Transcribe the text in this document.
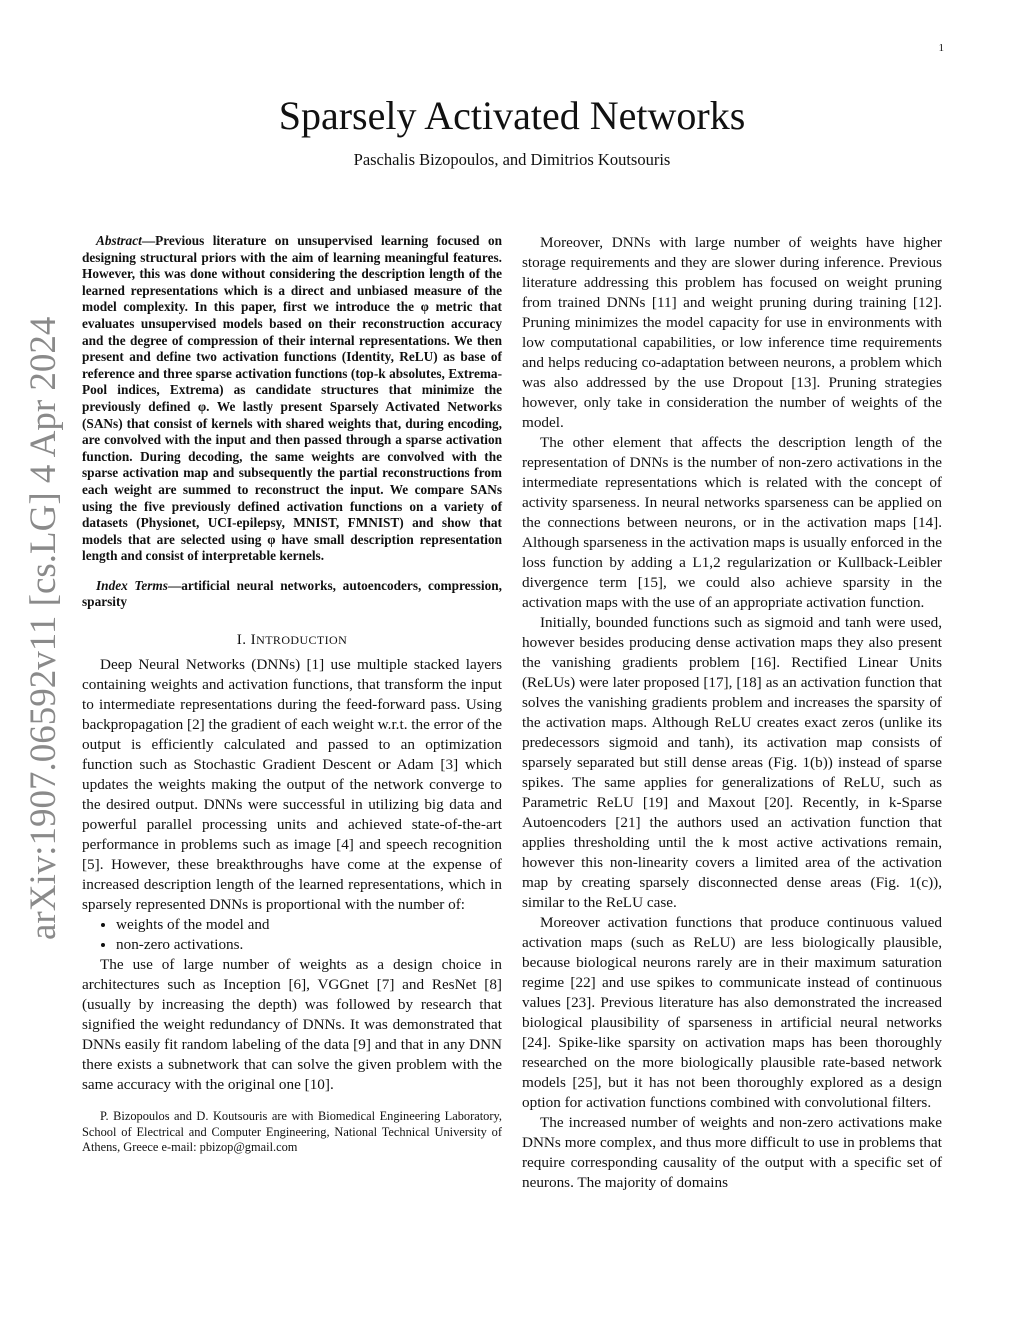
1
arXiv:1907.06592v11 [cs.LG] 4 Apr 2024
Sparsely Activated Networks
Paschalis Bizopoulos, and Dimitrios Koutsouris

Abstract—Previous literature on unsupervised learning focused on designing structural priors with the aim of learning meaningful features. However, this was done without considering the description length of the learned representations which is a direct and unbiased measure of the model complexity. In this paper, first we introduce the φ metric that evaluates unsupervised models based on their reconstruction accuracy and the degree of compression of their internal representations. We then present and define two activation functions (Identity, ReLU) as base of reference and three sparse activation functions (top-k absolutes, Extrema-Pool indices, Extrema) as candidate structures that minimize the previously defined φ. We lastly present Sparsely Activated Networks (SANs) that consist of kernels with shared weights that, during encoding, are convolved with the input and then passed through a sparse activation function. During decoding, the same weights are convolved with the sparse activation map and subsequently the partial reconstructions from each weight are summed to reconstruct the input. We compare SANs using the five previously defined activation functions on a variety of datasets (Physionet, UCI-epilepsy, MNIST, FMNIST) and show that models that are selected using φ have small description representation length and consist of interpretable kernels.

Index Terms—artificial neural networks, autoencoders, compression, sparsity

I. INTRODUCTION

Deep Neural Networks (DNNs) [1] use multiple stacked layers containing weights and activation functions, that transform the input to intermediate representations during the feed-forward pass. Using backpropagation [2] the gradient of each weight w.r.t. the error of the output is efficiently calculated and passed to an optimization function such as Stochastic Gradient Descent or Adam [3] which updates the weights making the output of the network converge to the desired output. DNNs were successful in utilizing big data and powerful parallel processing units and achieved state-of-the-art performance in problems such as image [4] and speech recognition [5]. However, these breakthroughs have come at the expense of increased description length of the learned representations, which in sparsely represented DNNs is proportional with the number of:

• weights of the model and
• non-zero activations.

The use of large number of weights as a design choice in architectures such as Inception [6], VGGnet [7] and ResNet [8] (usually by increasing the depth) was followed by research that signified the weight redundancy of DNNs. It was demonstrated that DNNs easily fit random labeling of the data [9] and that in any DNN there exists a subnetwork that can solve the given problem with the same accuracy with the original one [10].

P. Bizopoulos and D. Koutsouris are with Biomedical Engineering Laboratory, School of Electrical and Computer Engineering, National Technical University of Athens, Greece e-mail: pbizop@gmail.com

Moreover, DNNs with large number of weights have higher storage requirements and they are slower during inference. Previous literature addressing this problem has focused on weight pruning from trained DNNs [11] and weight pruning during training [12]. Pruning minimizes the model capacity for use in environments with low computational capabilities, or low inference time requirements and helps reducing co-adaptation between neurons, a problem which was also addressed by the use Dropout [13]. Pruning strategies however, only take in consideration the number of weights of the model.

The other element that affects the description length of the representation of DNNs is the number of non-zero activations in the intermediate representations which is related with the concept of activity sparseness. In neural networks sparseness can be applied on the connections between neurons, or in the activation maps [14]. Although sparseness in the activation maps is usually enforced in the loss function by adding a L1,2 regularization or Kullback-Leibler divergence term [15], we could also achieve sparsity in the activation maps with the use of an appropriate activation function.

Initially, bounded functions such as sigmoid and tanh were used, however besides producing dense activation maps they also present the vanishing gradients problem [16]. Rectified Linear Units (ReLUs) were later proposed [17], [18] as an activation function that solves the vanishing gradients problem and increases the sparsity of the activation maps. Although ReLU creates exact zeros (unlike its predecessors sigmoid and tanh), its activation map consists of sparsely separated but still dense areas (Fig. 1(b)) instead of sparse spikes. The same applies for generalizations of ReLU, such as Parametric ReLU [19] and Maxout [20]. Recently, in k-Sparse Autoencoders [21] the authors used an activation function that applies thresholding until the k most active activations remain, however this non-linearity covers a limited area of the activation map by creating sparsely disconnected dense areas (Fig. 1(c)), similar to the ReLU case.

Moreover activation functions that produce continuous valued activation maps (such as ReLU) are less biologically plausible, because biological neurons rarely are in their maximum saturation regime [22] and use spikes to communicate instead of continuous values [23]. Previous literature has also demonstrated the increased biological plausibility of sparseness in artificial neural networks [24]. Spike-like sparsity on activation maps has been thoroughly researched on the more biologically plausible rate-based network models [25], but it has not been thoroughly explored as a design option for activation functions combined with convolutional filters.

The increased number of weights and non-zero activations make DNNs more complex, and thus more difficult to use in problems that require corresponding causality of the output with a specific set of neurons. The majority of domains
